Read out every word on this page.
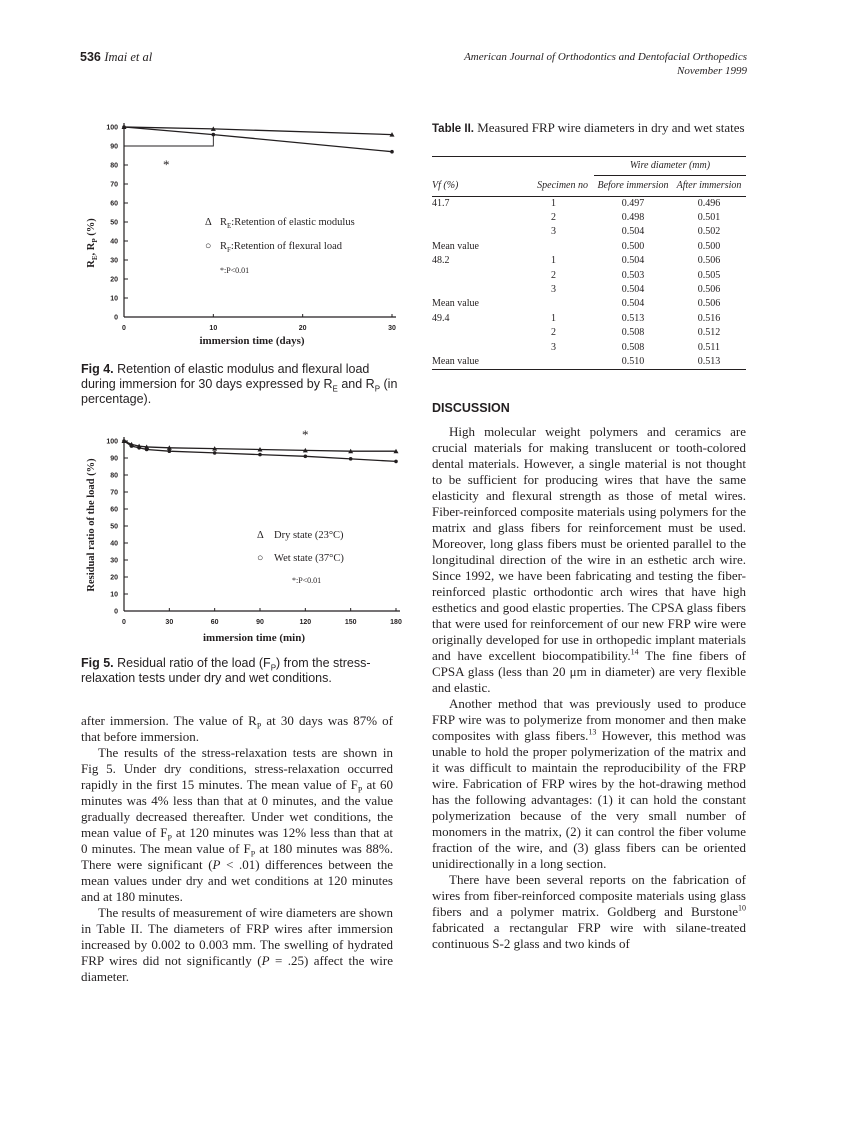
536 Imai et al	American Journal of Orthodontics and Dentofacial Orthopedics
November 1999
$R_E$, $R_P$ (%)
0
10
20
30
40
50
60
70
80
90
100
0	10	20	30
*
Δ $R_E:Retention$ of elastic modulus
○ $R_F:Retention$ of flexural load
*:P<0.01
immersion time (days)
Fig 4. Retention of elastic modulus and flexural load during immersion for 30 days expressed by $R_E$ and $R_P$ (in percentage).
Residual ratio of the load (%)
0
10
20
30
40
50
60
70
80
90
100
0	30	60	90	120	150	180
*
Δ Dry state (23°C)
○ Wet state (37°C)
*:P<0.01
immersion time (min)
Fig 5. Residual ratio of the load $(F_P)$ from the stress-relaxation tests under dry and wet conditions.

after immersion. The value of $R_P$ at 30 days was 87% of that before immersion.

The results of the stress-relaxation tests are shown in Fig 5. Under dry conditions, stress-relaxation occurred rapidly in the first 15 minutes. The mean value of $F_P$ at 60 minutes was 4% less than that at 0 minutes, and the value gradually decreased thereafter. Under wet conditions, the mean value of $F_P$ at 120 minutes was 12% less than that at 0 minutes. The mean value of $F_P$ at 180 minutes was 88%. There were significant (P < .01) differences between the mean values under dry and wet conditions at 120 minutes and at 180 minutes.

The results of measurement of wire diameters are shown in Table II. The diameters of FRP wires after immersion increased by 0.002 to 0.003 mm. The swelling of hydrated FRP wires did not significantly (P = .25) affect the wire diameter.

Table II. Measured FRP wire diameters in dry and wet states
		Wire diameter (mm)	
Vf (%)	Specimen no	Before immersion	After immersion
41.7	1	0.497	0.496
	2	0.498	0.501
	3	0.504	0.502
Mean value		0.500	0.500
48.2	1	0.504	0.506
	2	0.503	0.505
	3	0.504	0.506
Mean value		0.504	0.506
49.4	1	0.513	0.516
	2	0.508	0.512
	3	0.508	0.511
Mean value		0.510	0.513

DISCUSSION

High molecular weight polymers and ceramics are crucial materials for making translucent or tooth-colored dental materials. However, a single material is not thought to be sufficient for producing wires that have the same elasticity and flexural strength as those of metal wires. Fiber-reinforced composite materials using polymers for the matrix and glass fibers for reinforcement must be used. Moreover, long glass fibers must be oriented parallel to the longitudinal direction of the wire in an esthetic arch wire. Since 1992, we have been fabricating and testing the fiber-reinforced plastic orthodontic arch wires that have high esthetics and good elastic properties. The CPSA glass fibers that were used for reinforcement of our new FRP wire were originally developed for use in orthopedic implant materials and have excellent biocompatibility.$^{14}$ The fine fibers of CPSA glass (less than 20 μm in diameter) are very flexible and elastic.

Another method that was previously used to produce FRP wire was to polymerize from monomer and then make composites with glass fibers.$^{13}$ However, this method was unable to hold the proper polymerization of the matrix and it was difficult to maintain the reproducibility of the FRP wire. Fabrication of FRP wires by the hot-drawing method has the following advantages: (1) it can hold the constant polymerization because of the very small number of monomers in the matrix, (2) it can control the fiber volume fraction of the wire, and (3) glass fibers can be oriented unidirectionally in a long section.

There have been several reports on the fabrication of wires from fiber-reinforced composite materials using glass fibers and a polymer matrix. Goldberg and Burstone$^{10}$ fabricated a rectangular FRP wire with silane-treated continuous S-2 glass and two kinds of
